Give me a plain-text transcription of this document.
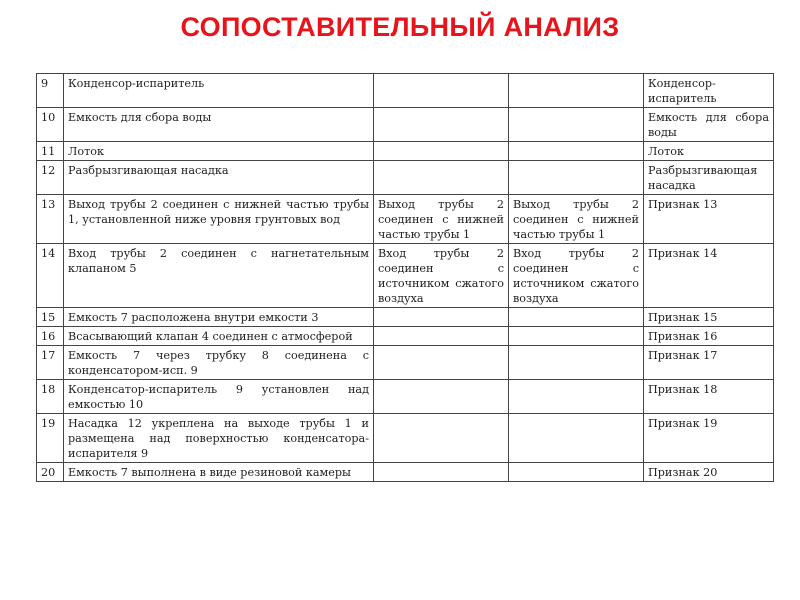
СОПОСТАВИТЕЛЬНЫЙ АНАЛИЗ
9	Конденсор-испаритель			Конденсор-испаритель
10	Емкость для сбора воды			Емкость для сбора воды
11	Лоток			Лоток
12	Разбрызгивающая насадка			Разбрызгивающая насадка
13	Выход трубы 2 соединен с нижней частью трубы 1, установленной ниже уровня грунтовых вод	Выход трубы 2 соединен с нижней частью трубы 1	Выход трубы 2 соединен с нижней частью трубы 1	Признак 13
14	Вход трубы 2 соединен с нагнетательным клапаном 5	Вход трубы 2 соединен с источником сжатого воздуха	Вход трубы 2 соединен с источником сжатого воздуха	Признак 14
15	Емкость 7 расположена внутри емкости 3			Признак 15
16	Всасывающий клапан 4 соединен с атмосферой			Признак 16
17	Емкость 7 через трубку 8 соединена с конденсатором-исп. 9			Признак 17
18	Конденсатор-испаритель 9 установлен над емкостью 10			Признак 18
19	Насадка 12 укреплена на выходе трубы 1 и размещена над поверхностью конденсатора-испарителя 9			Признак 19
20	Емкость 7 выполнена в виде резиновой камеры			Признак 20
